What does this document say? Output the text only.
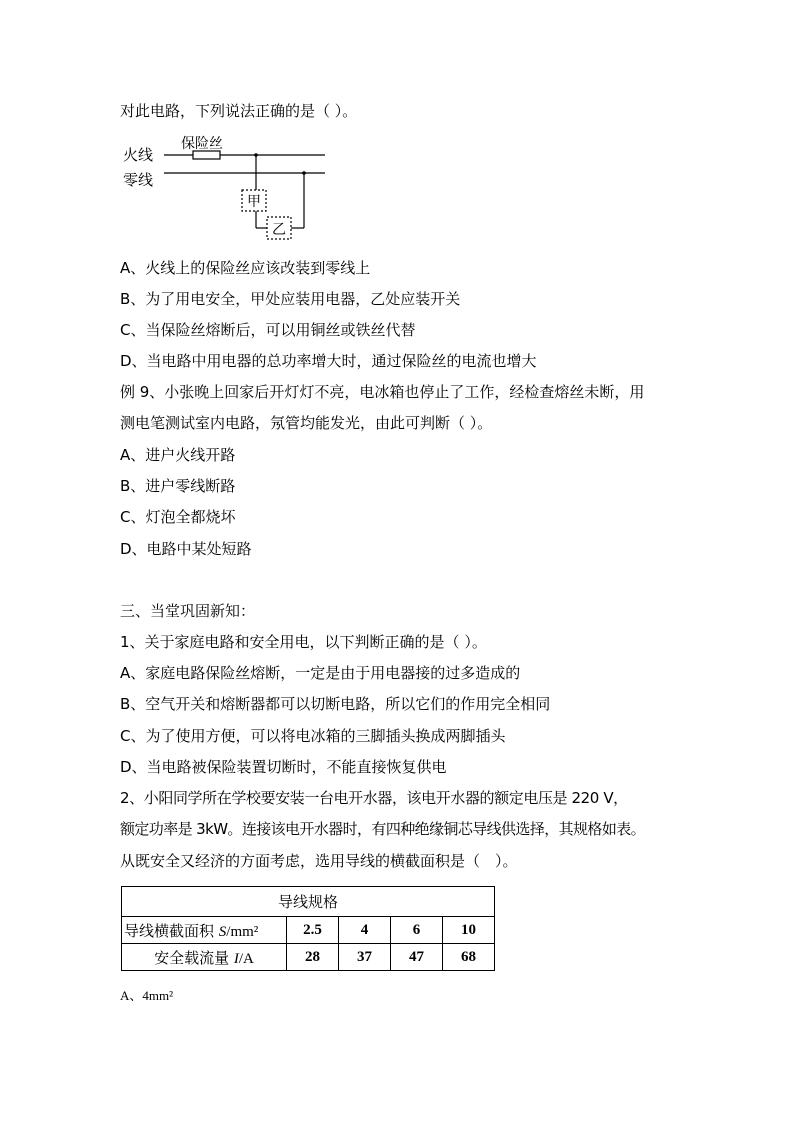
对此电路，下列说法正确的是（ ）。
火线
零线
保险丝
甲
乙
A、火线上的保险丝应该改装到零线上
B、为了用电安全，甲处应装用电器，乙处应装开关
C、当保险丝熔断后，可以用铜丝或铁丝代替
D、当电路中用电器的总功率增大时，通过保险丝的电流也增大
例 9、小张晚上回家后开灯灯不亮，电冰箱也停止了工作，经检查熔丝未断，用
测电笔测试室内电路，氖管均能发光，由此可判断（ ）。
A、进户火线开路
B、进户零线断路
C、灯泡全都烧坏
D、电路中某处短路
三、当堂巩固新知：
1、关于家庭电路和安全用电，以下判断正确的是（ ）。
A、家庭电路保险丝熔断，一定是由于用电器接的过多造成的
B、空气开关和熔断器都可以切断电路，所以它们的作用完全相同
C、为了使用方便，可以将电冰箱的三脚插头换成两脚插头
D、当电路被保险装置切断时，不能直接恢复供电
2、小阳同学所在学校要安装一台电开水器，该电开水器的额定电压是 220 V，
额定功率是 3kW。连接该电开水器时，有四种绝缘铜芯导线供选择，其规格如表。
从既安全又经济的方面考虑，选用导线的横截面积是（　）。
导线规格				
导线横截面积 S/mm²	2.5	4	6	10
安全载流量 I/A	28	37	47	68
A、4mm²
